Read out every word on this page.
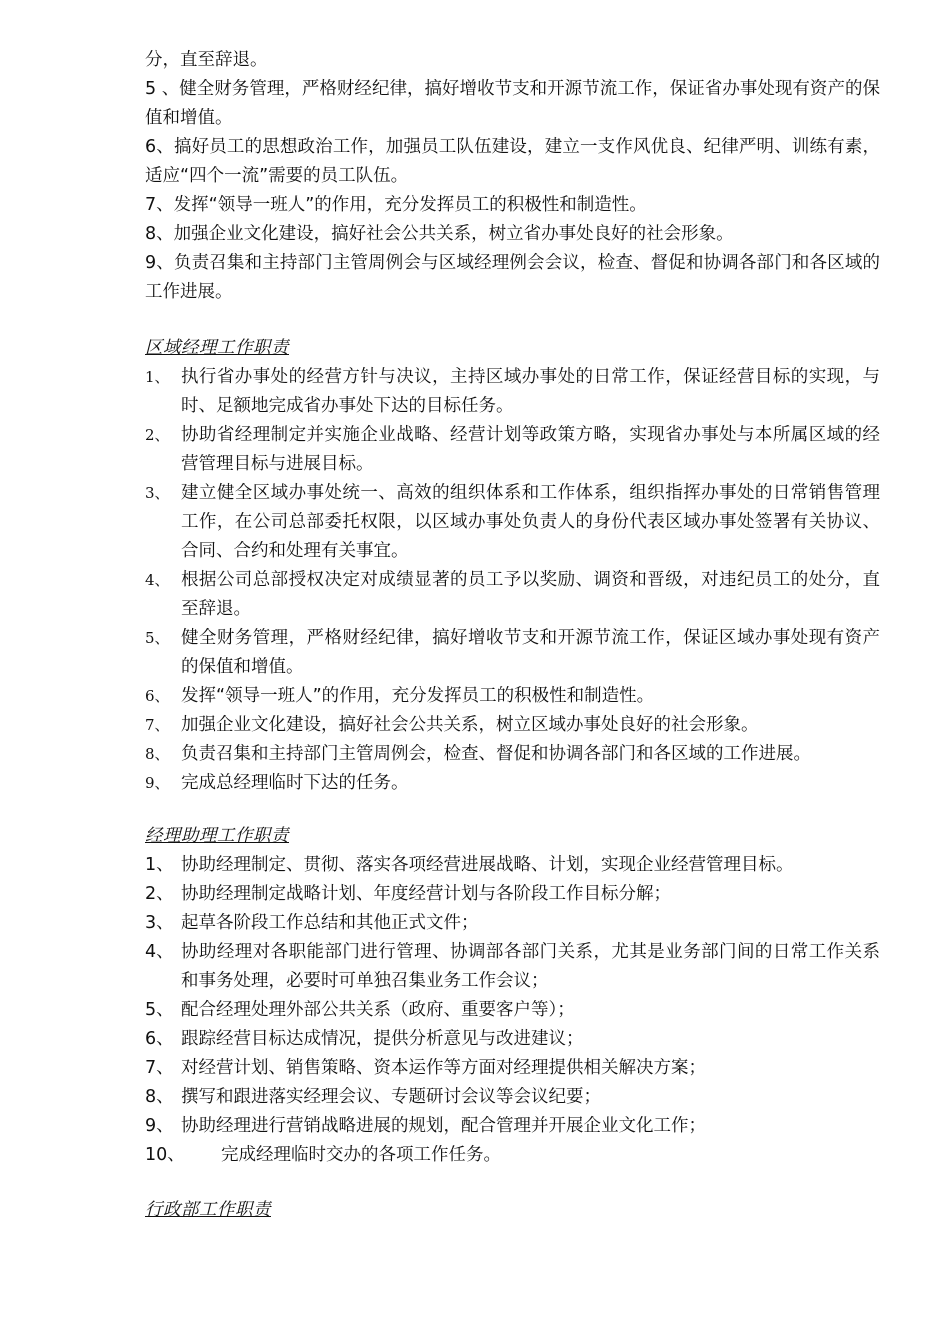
分，直至辞退。

5 、健全财务管理，严格财经纪律，搞好增收节支和开源节流工作，保证省办事处现有资产的保值和增值。

6、搞好员工的思想政治工作，加强员工队伍建设，建立一支作风优良、纪律严明、训练有素，适应“四个一流”需要的员工队伍。

7、发挥“领导一班人”的作用，充分发挥员工的积极性和制造性。

8、加强企业文化建设，搞好社会公共关系，树立省办事处良好的社会形象。

9、负责召集和主持部门主管周例会与区域经理例会会议，检查、督促和协调各部门和各区域的工作进展。

区域经理工作职责

1、 执行省办事处的经营方针与决议，主持区域办事处的日常工作，保证经营目标的实现，与时、足额地完成省办事处下达的目标任务。
2、 协助省经理制定并实施企业战略、经营计划等政策方略，实现省办事处与本所属区域的经营管理目标与进展目标。
3、 建立健全区域办事处统一、高效的组织体系和工作体系，组织指挥办事处的日常销售管理工作，在公司总部委托权限，以区域办事处负责人的身份代表区域办事处签署有关协议、合同、合约和处理有关事宜。
4、 根据公司总部授权决定对成绩显著的员工予以奖励、调资和晋级，对违纪员工的处分，直至辞退。
5、 健全财务管理，严格财经纪律，搞好增收节支和开源节流工作，保证区域办事处现有资产的保值和增值。
6、 发挥“领导一班人”的作用，充分发挥员工的积极性和制造性。
7、 加强企业文化建设，搞好社会公共关系，树立区域办事处良好的社会形象。
8、 负责召集和主持部门主管周例会，检查、督促和协调各部门和各区域的工作进展。
9、 完成总经理临时下达的任务。

经理助理工作职责

1、 协助经理制定、贯彻、落实各项经营进展战略、计划，实现企业经营管理目标。
2、 协助经理制定战略计划、年度经营计划与各阶段工作目标分解；
3、 起草各阶段工作总结和其他正式文件；
4、 协助经理对各职能部门进行管理、协调部各部门关系，尤其是业务部门间的日常工作关系和事务处理，必要时可单独召集业务工作会议；
5、 配合经理处理外部公共关系（政府、重要客户等）；
6、 跟踪经营目标达成情况，提供分析意见与改进建议；
7、 对经营计划、销售策略、资本运作等方面对经理提供相关解决方案；
8、 撰写和跟进落实经理会议、专题研讨会议等会议纪要；
9、 协助经理进行营销战略进展的规划，配合管理并开展企业文化工作；
10、 完成经理临时交办的各项工作任务。

行政部工作职责
